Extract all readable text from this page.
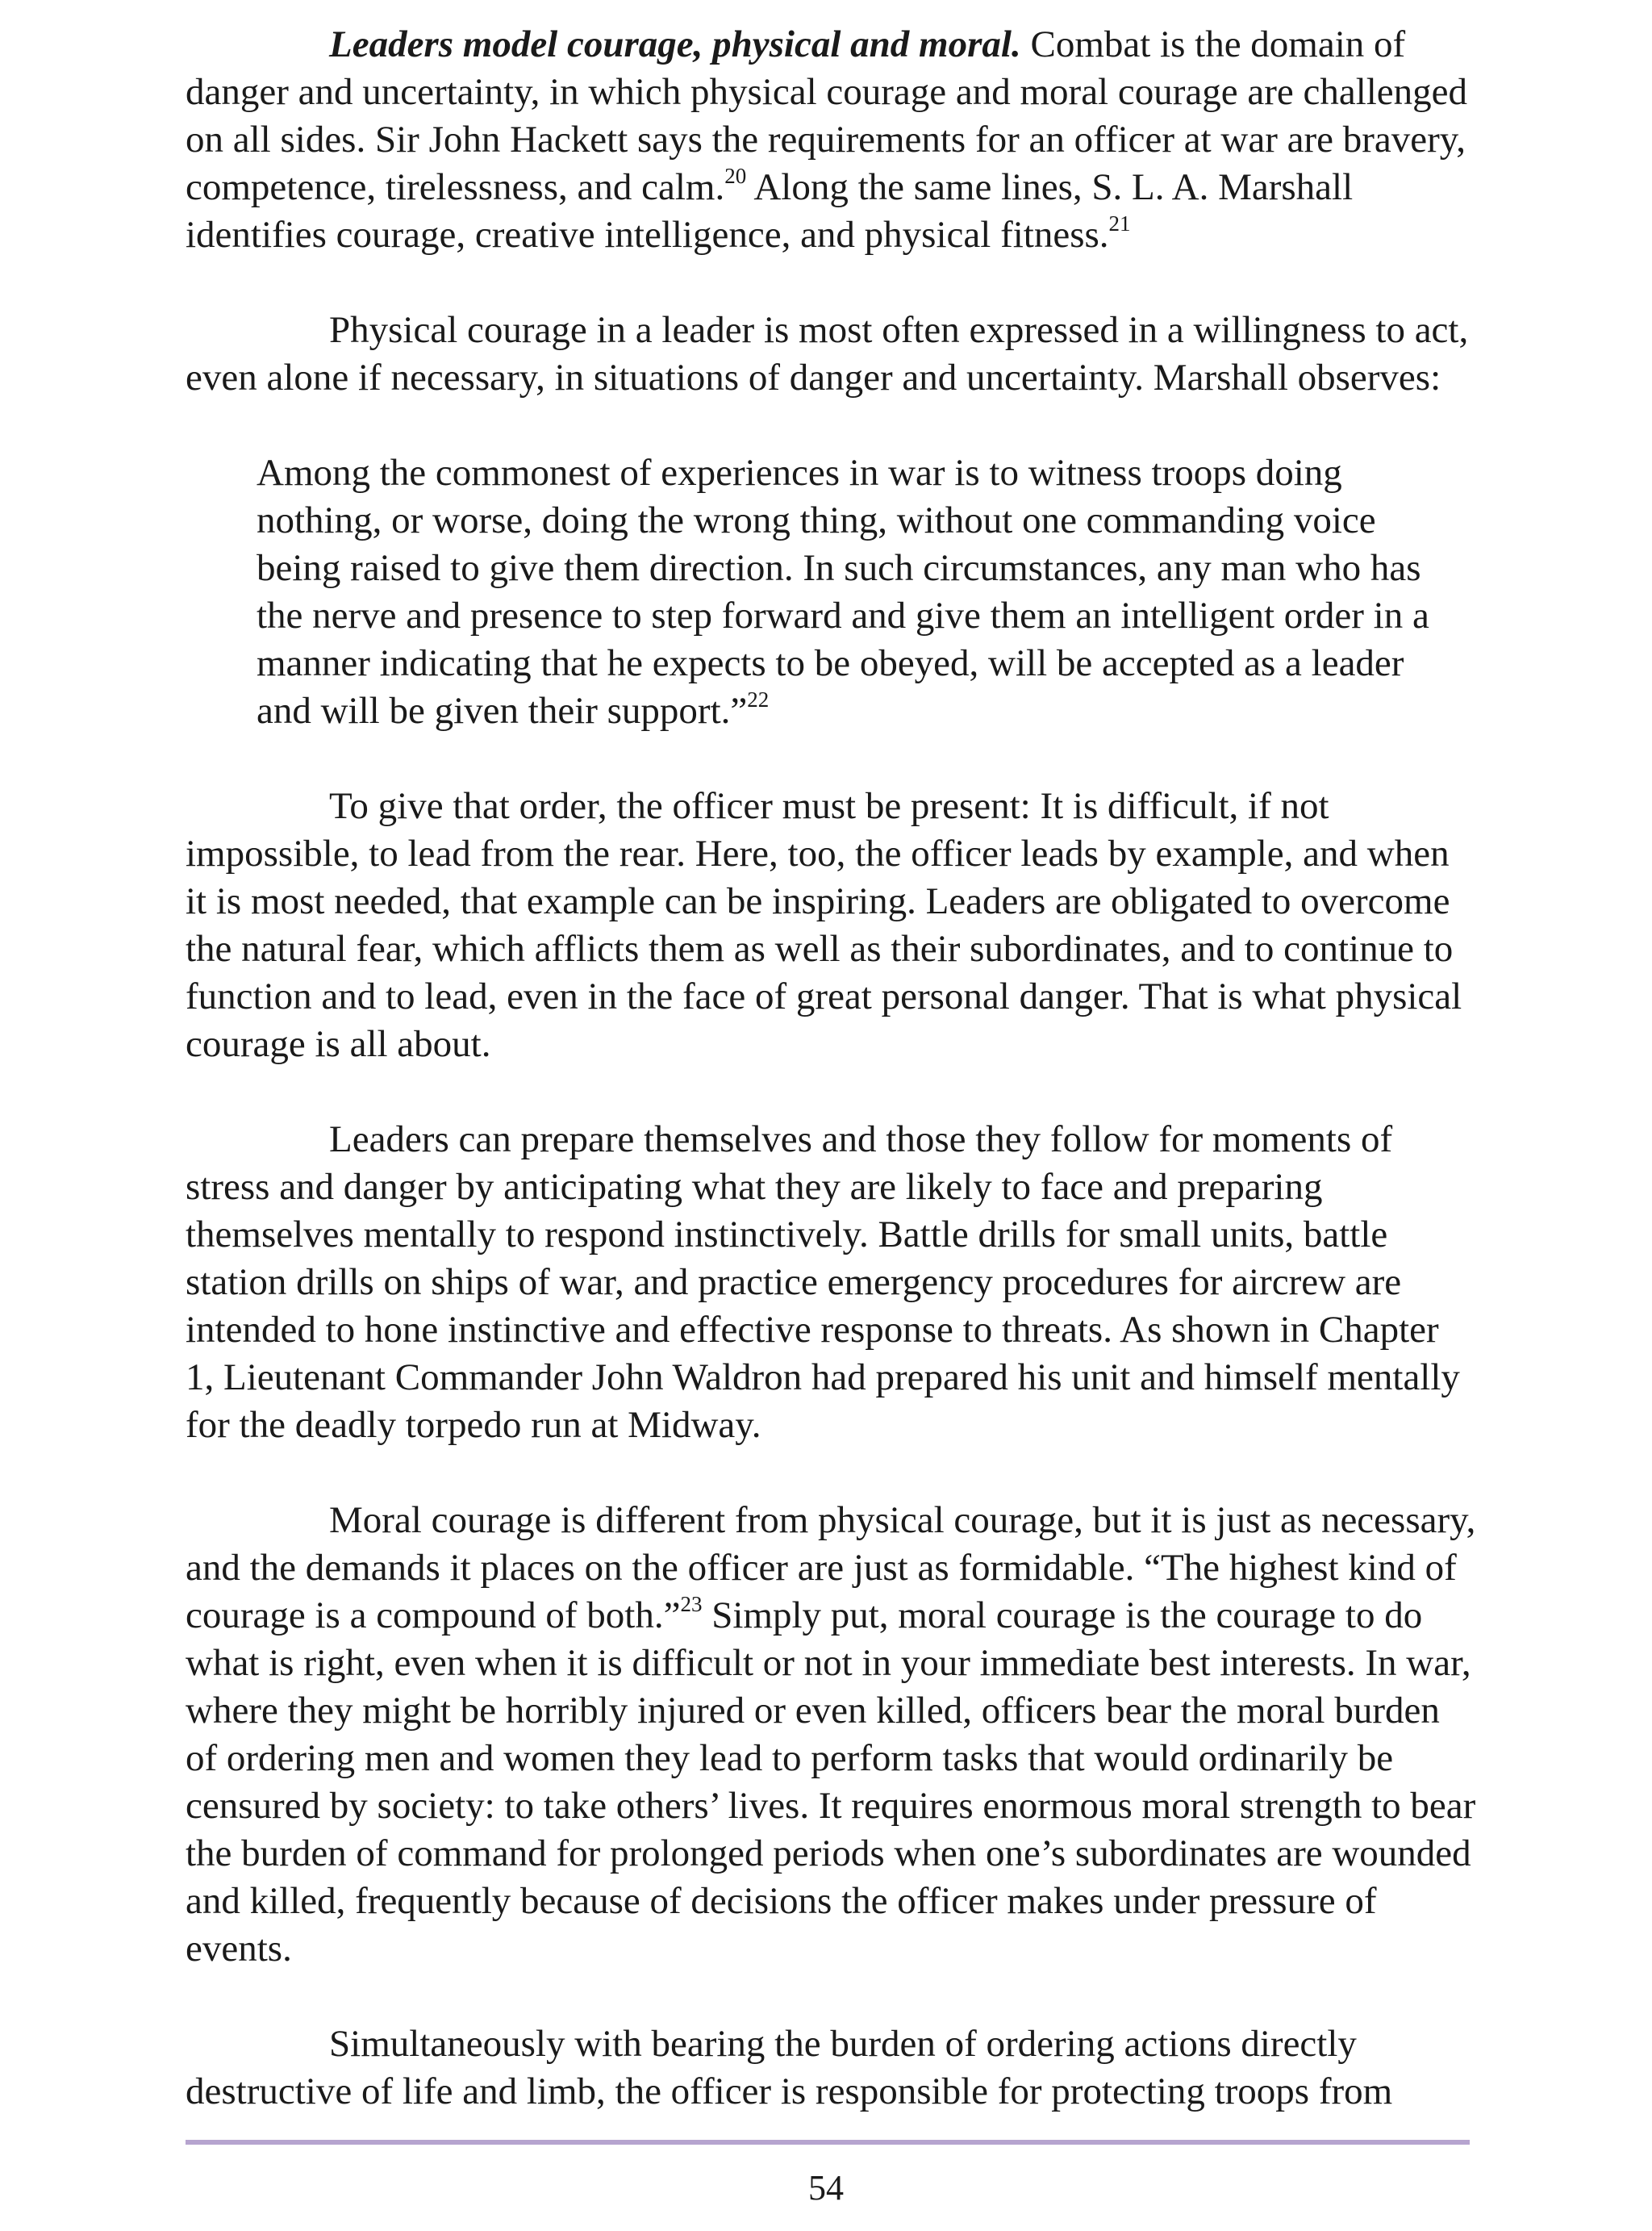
Leaders model courage, physical and moral. Combat is the domain of danger and uncertainty, in which physical courage and moral courage are challenged on all sides. Sir John Hackett says the requirements for an officer at war are bravery, competence, tirelessness, and calm.$^{20}$ Along the same lines, S. L. A. Marshall identifies courage, creative intelligence, and physical fitness.$^{21}$

Physical courage in a leader is most often expressed in a willingness to act, even alone if necessary, in situations of danger and uncertainty. Marshall observes:

Among the commonest of experiences in war is to witness troops doing nothing, or worse, doing the wrong thing, without one commanding voice being raised to give them direction. In such circumstances, any man who has the nerve and presence to step forward and give them an intelligent order in a manner indicating that he expects to be obeyed, will be accepted as a leader and will be given their support.”$^{22}$

To give that order, the officer must be present: It is difficult, if not impossible, to lead from the rear. Here, too, the officer leads by example, and when it is most needed, that example can be inspiring. Leaders are obligated to overcome the natural fear, which afflicts them as well as their subordinates, and to continue to function and to lead, even in the face of great personal danger. That is what physical courage is all about.

Leaders can prepare themselves and those they follow for moments of stress and danger by anticipating what they are likely to face and preparing themselves mentally to respond instinctively. Battle drills for small units, battle station drills on ships of war, and practice emergency procedures for aircrew are intended to hone instinctive and effective response to threats. As shown in Chapter 1, Lieutenant Commander John Waldron had prepared his unit and himself mentally for the deadly torpedo run at Midway.

Moral courage is different from physical courage, but it is just as necessary, and the demands it places on the officer are just as formidable. “The highest kind of courage is a compound of both.”$^{23}$ Simply put, moral courage is the courage to do what is right, even when it is difficult or not in your immediate best interests. In war, where they might be horribly injured or even killed, officers bear the moral burden of ordering men and women they lead to perform tasks that would ordinarily be censured by society: to take others’ lives. It requires enormous moral strength to bear the burden of command for prolonged periods when one’s subordinates are wounded and killed, frequently because of decisions the officer makes under pressure of events.

Simultaneously with bearing the burden of ordering actions directly destructive of life and limb, the officer is responsible for protecting troops from

54
